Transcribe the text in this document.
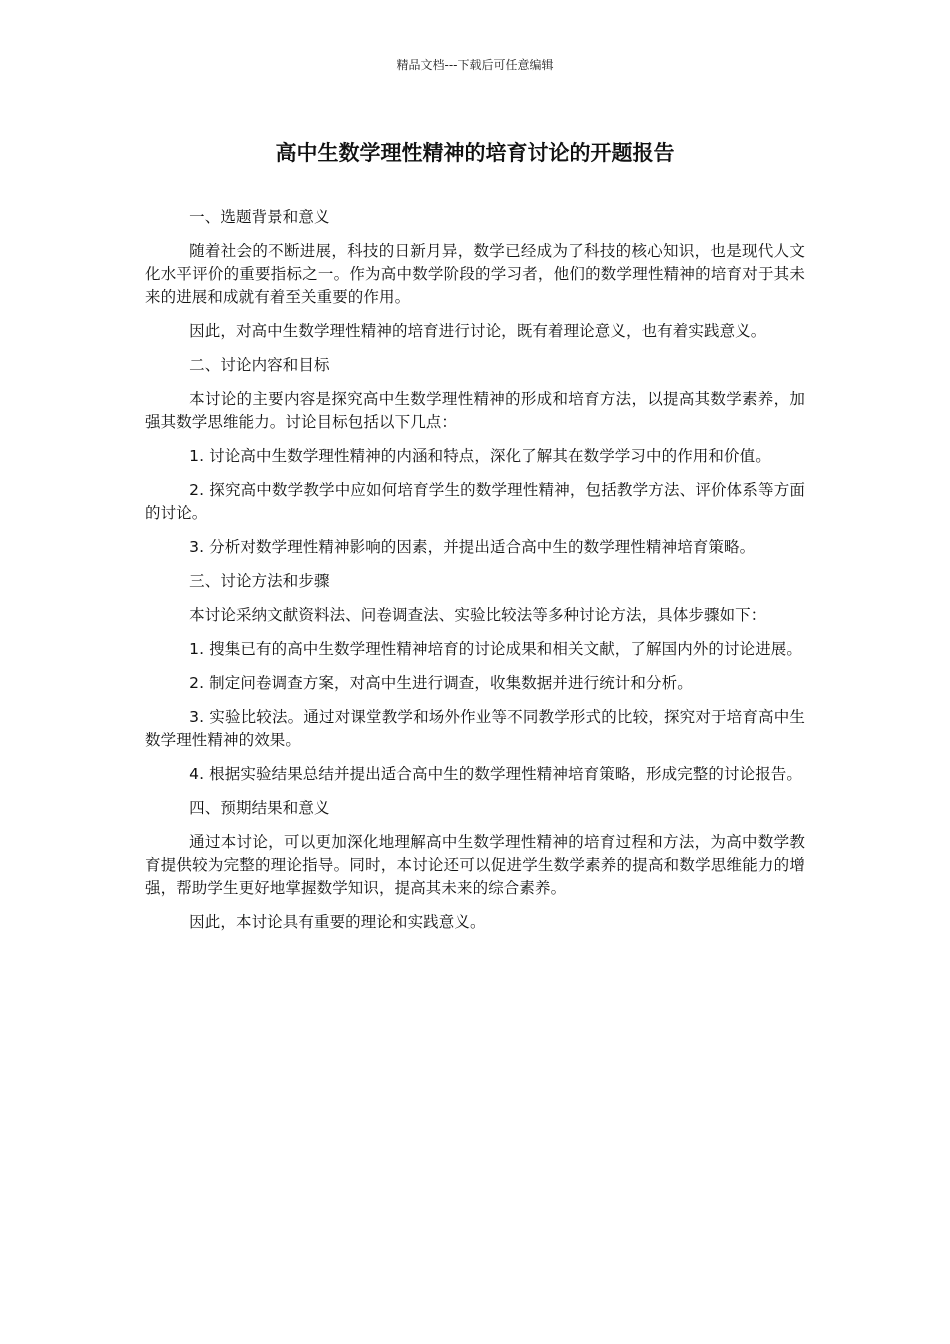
精品文档---下载后可任意编辑
高中生数学理性精神的培育讨论的开题报告

一、选题背景和意义

随着社会的不断进展，科技的日新月异，数学已经成为了科技的核心知识，也是现代人文化水平评价的重要指标之一。作为高中数学阶段的学习者，他们的数学理性精神的培育对于其未来的进展和成就有着至关重要的作用。

因此，对高中生数学理性精神的培育进行讨论，既有着理论意义，也有着实践意义。

二、讨论内容和目标

本讨论的主要内容是探究高中生数学理性精神的形成和培育方法，以提高其数学素养，加强其数学思维能力。讨论目标包括以下几点：

1. 讨论高中生数学理性精神的内涵和特点，深化了解其在数学学习中的作用和价值。

2. 探究高中数学教学中应如何培育学生的数学理性精神，包括教学方法、评价体系等方面的讨论。

3. 分析对数学理性精神影响的因素，并提出适合高中生的数学理性精神培育策略。

三、讨论方法和步骤

本讨论采纳文献资料法、问卷调查法、实验比较法等多种讨论方法，具体步骤如下：

1. 搜集已有的高中生数学理性精神培育的讨论成果和相关文献，了解国内外的讨论进展。

2. 制定问卷调查方案，对高中生进行调查，收集数据并进行统计和分析。

3. 实验比较法。通过对课堂教学和场外作业等不同教学形式的比较，探究对于培育高中生数学理性精神的效果。

4. 根据实验结果总结并提出适合高中生的数学理性精神培育策略，形成完整的讨论报告。

四、预期结果和意义

通过本讨论，可以更加深化地理解高中生数学理性精神的培育过程和方法，为高中数学教育提供较为完整的理论指导。同时，本讨论还可以促进学生数学素养的提高和数学思维能力的增强，帮助学生更好地掌握数学知识，提高其未来的综合素养。

因此，本讨论具有重要的理论和实践意义。
